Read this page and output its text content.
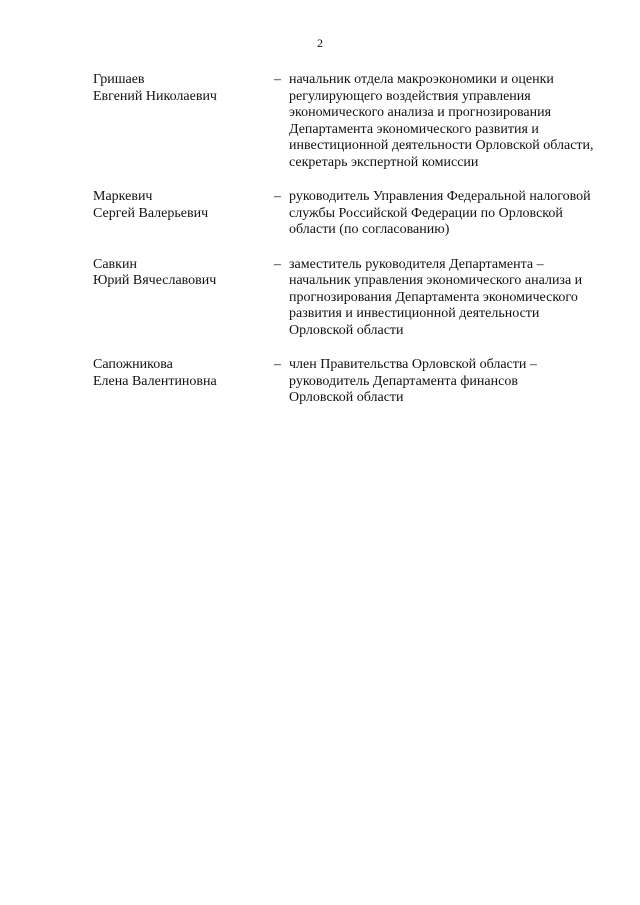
2
Гришаев
Евгений Николаевич
– начальник отдела макроэкономики и оценки
регулирующего воздействия управления
экономического анализа и прогнозирования
Департамента экономического развития и
инвестиционной деятельности Орловской области,
секретарь экспертной комиссии
Маркевич
Сергей Валерьевич
– руководитель Управления Федеральной налоговой
службы Российской Федерации по Орловской
области (по согласованию)
Савкин
Юрий Вячеславович
– заместитель руководителя Департамента –
начальник управления экономического анализа и
прогнозирования Департамента экономического
развития и инвестиционной деятельности
Орловской области
Сапожникова
Елена Валентиновна
– член Правительства Орловской области –
руководитель Департамента финансов
Орловской области
